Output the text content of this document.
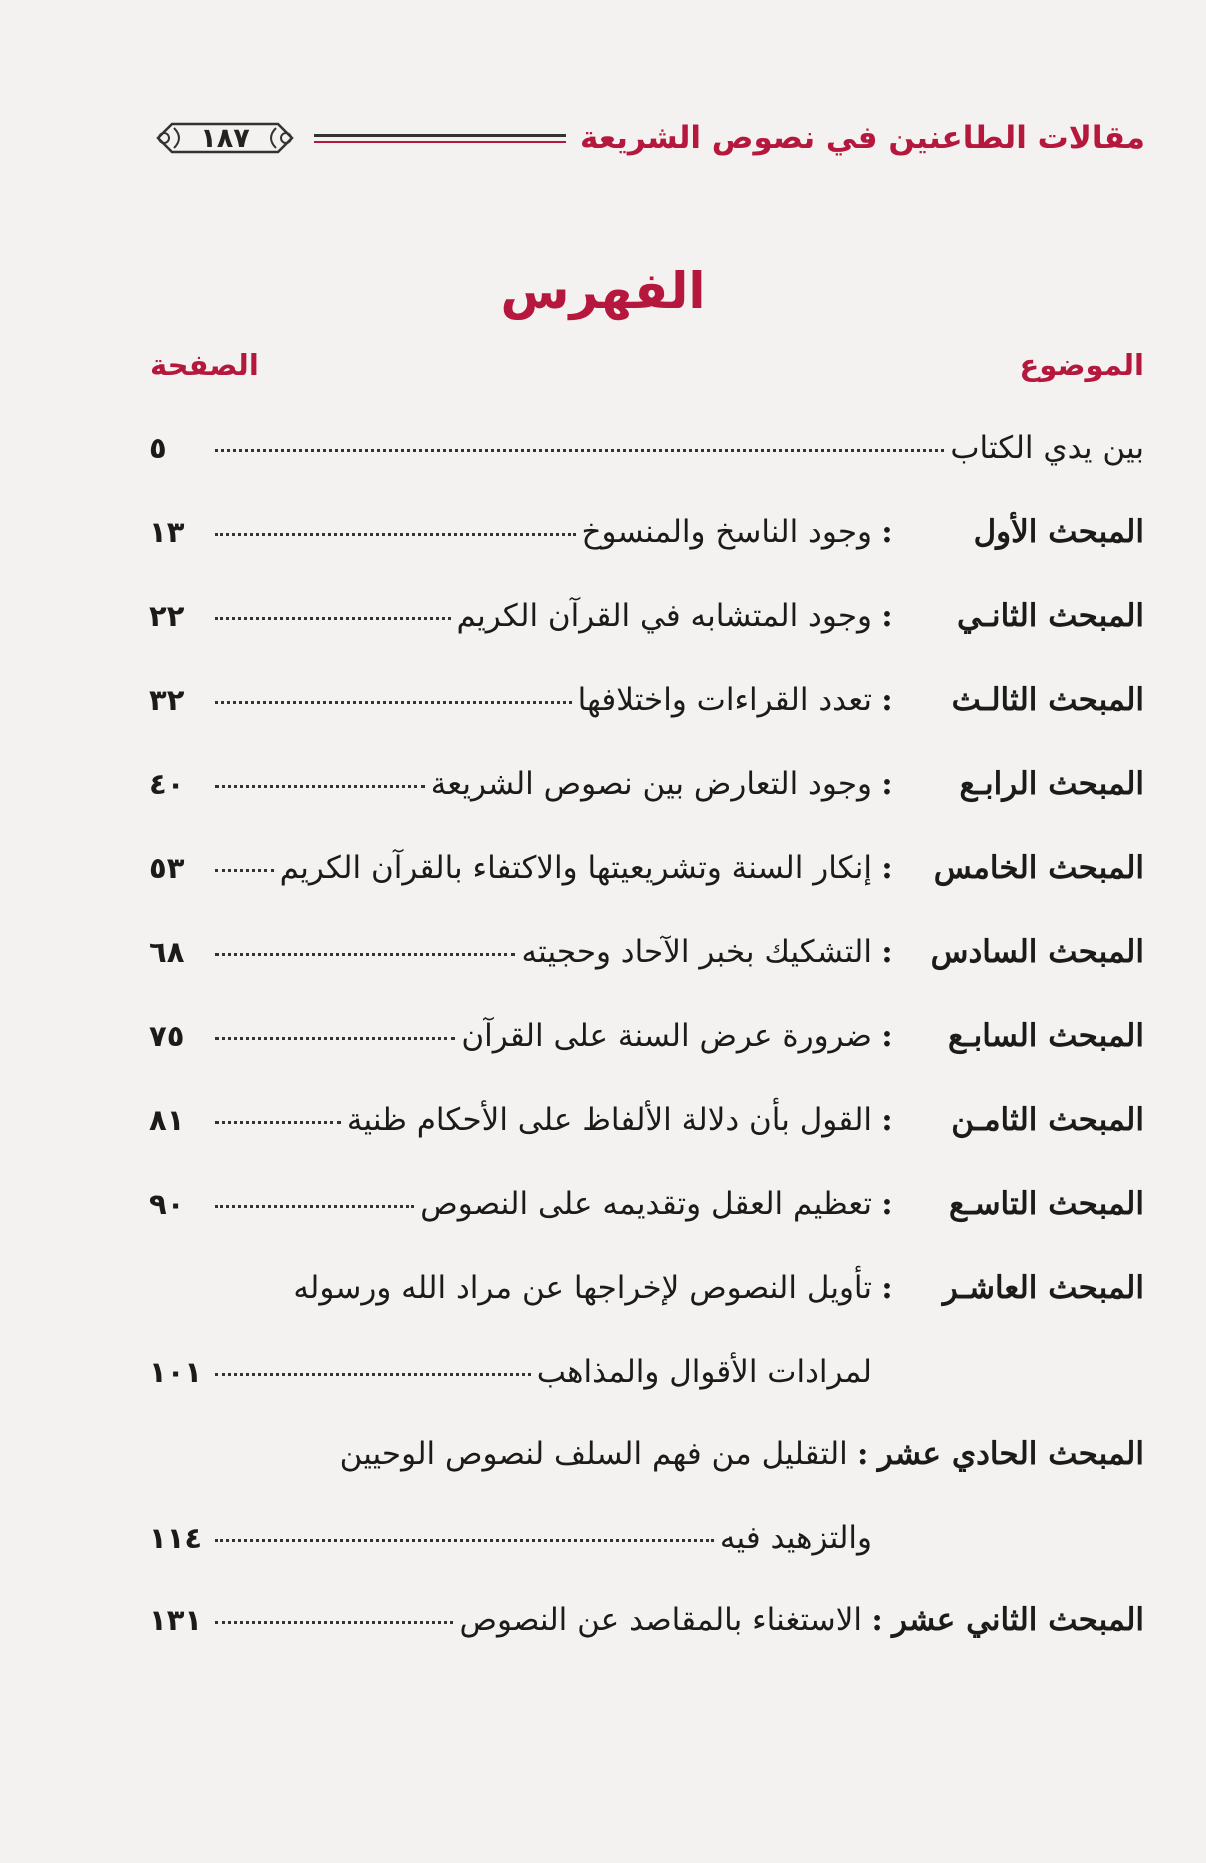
مقالات الطاعنين في نصوص الشريعة
١٨٧
الفهرس
الموضوع
الصفحة
بين يدي الكتاب
٥
المبحث الأول
:
وجود الناسخ والمنسوخ
١٣
المبحث الثانـي
:
وجود المتشابه في القرآن الكريم
٢٢
المبحث الثالـث
:
تعدد القراءات واختلافها
٣٢
المبحث الرابـع
:
وجود التعارض بين نصوص الشريعة
٤٠
المبحث الخامس
:
إنكار السنة وتشريعيتها والاكتفاء بالقرآن الكريم
٥٣
المبحث السادس
:
التشكيك بخبر الآحاد وحجيته
٦٨
المبحث السابـع
:
ضرورة عرض السنة على القرآن
٧٥
المبحث الثامـن
:
القول بأن دلالة الألفاظ على الأحكام ظنية
٨١
المبحث التاسـع
:
تعظيم العقل وتقديمه على النصوص
٩٠
المبحث العاشـر
:
تأويل النصوص لإخراجها عن مراد الله ورسوله
لمرادات الأقوال والمذاهب
١٠١
المبحث الحادي عشر
:
التقليل من فهم السلف لنصوص الوحيين
والتزهيد فيه
١١٤
المبحث الثاني عشر
:
الاستغناء بالمقاصد عن النصوص
١٣١
